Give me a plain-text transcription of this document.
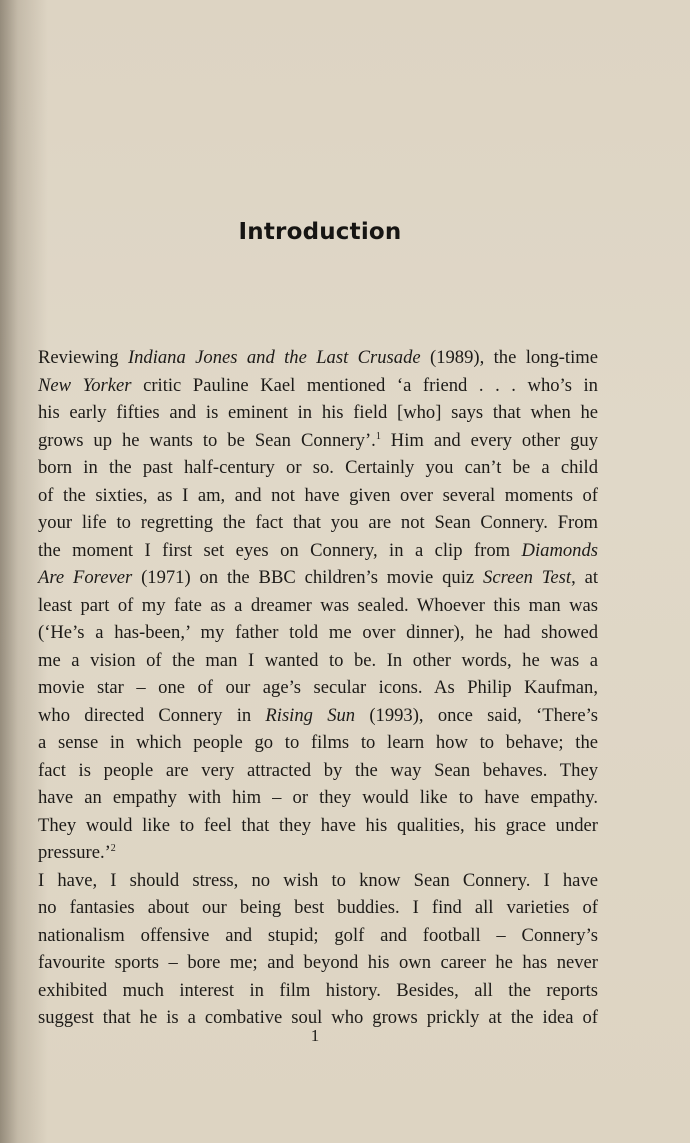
Introduction
Reviewing Indiana Jones and the Last Crusade (1989), the long-time
New Yorker critic Pauline Kael mentioned ‘a friend . . . who’s in
his early fifties and is eminent in his field [who] says that when he
grows up he wants to be Sean Connery’.$^1$ Him and every other guy
born in the past half-century or so. Certainly you can’t be a child
of the sixties, as I am, and not have given over several moments of
your life to regretting the fact that you are not Sean Connery. From
the moment I first set eyes on Connery, in a clip from Diamonds
Are Forever (1971) on the BBC children’s movie quiz Screen Test, at
least part of my fate as a dreamer was sealed. Whoever this man was
(‘He’s a has-been,’ my father told me over dinner), he had showed
me a vision of the man I wanted to be. In other words, he was a
movie star – one of our age’s secular icons. As Philip Kaufman,
who directed Connery in Rising Sun (1993), once said, ‘There’s
a sense in which people go to films to learn how to behave; the
fact is people are very attracted by the way Sean behaves. They
have an empathy with him – or they would like to have empathy.
They would like to feel that they have his qualities, his grace under
pressure.’$^2$
I have, I should stress, no wish to know Sean Connery. I have
no fantasies about our being best buddies. I find all varieties of
nationalism offensive and stupid; golf and football – Connery’s
favourite sports – bore me; and beyond his own career he has never
exhibited much interest in film history. Besides, all the reports
suggest that he is a combative soul who grows prickly at the idea of
1
